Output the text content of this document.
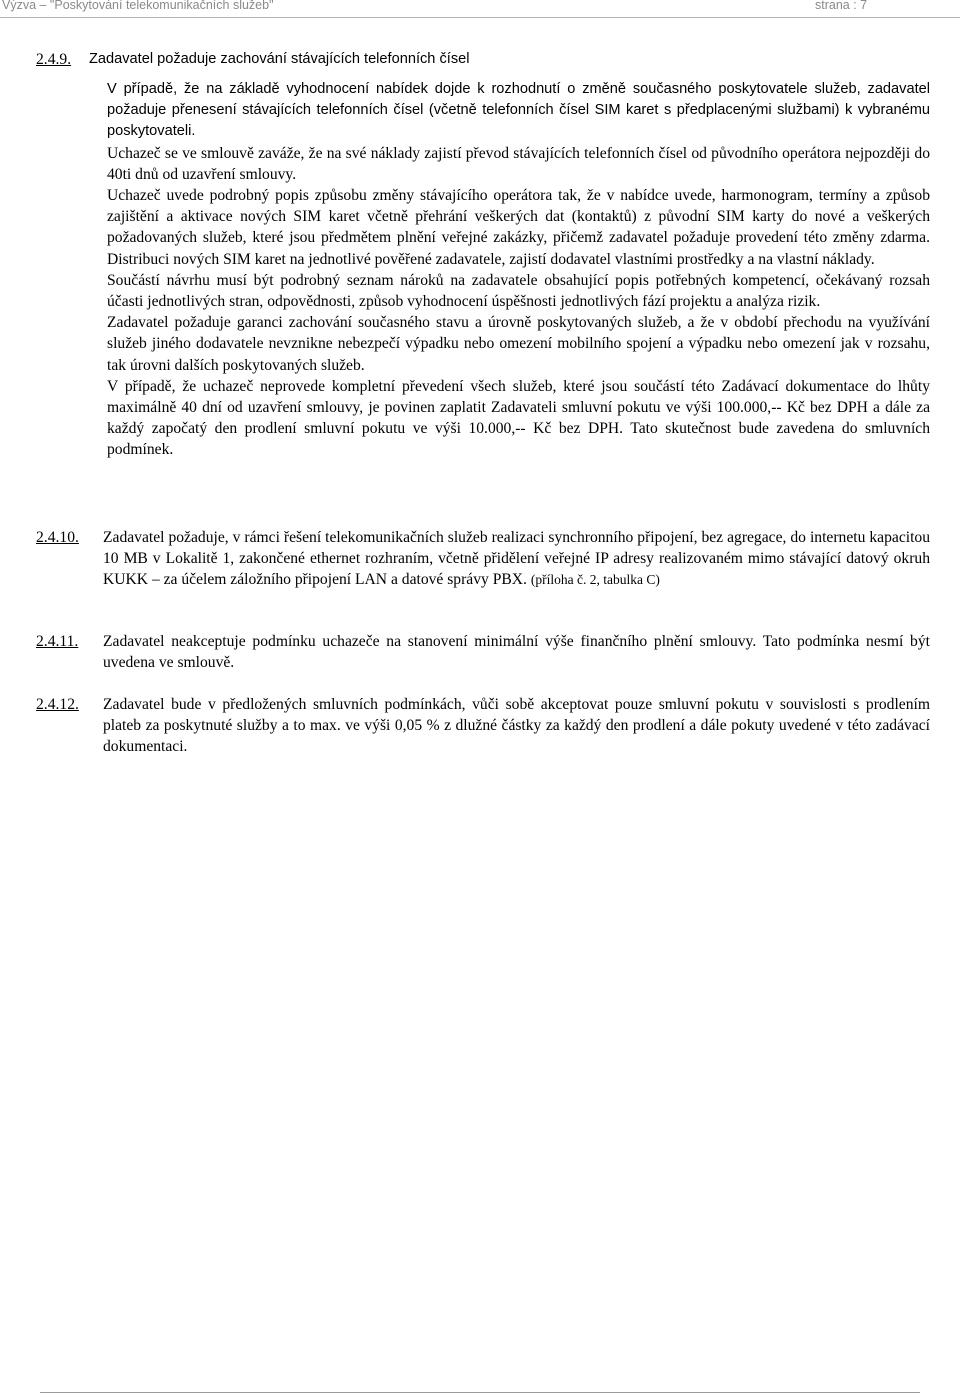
Výzva – "Poskytování telekomunikačních služeb"	strana : 7
2.4.9. Zadavatel požaduje zachování stávajících telefonních čísel

V případě, že na základě vyhodnocení nabídek dojde k rozhodnutí o změně současného poskytovatele služeb, zadavatel požaduje přenesení stávajících telefonních čísel (včetně telefonních čísel SIM karet s předplacenými službami) k vybranému poskytovateli.

Uchazeč se ve smlouvě zaváže, že na své náklady zajistí převod stávajících telefonních čísel od původního operátora nejpozději do 40ti dnů od uzavření smlouvy.

Uchazeč uvede podrobný popis způsobu změny stávajícího operátora tak, že v nabídce uvede, harmonogram, termíny a způsob zajištění a aktivace nových SIM karet včetně přehrání veškerých dat (kontaktů) z původní SIM karty do nové a veškerých požadovaných služeb, které jsou předmětem plnění veřejné zakázky, přičemž zadavatel požaduje provedení této změny zdarma. Distribuci nových SIM karet na jednotlivé pověřené zadavatele, zajistí dodavatel vlastními prostředky a na vlastní náklady.

Součástí návrhu musí být podrobný seznam nároků na zadavatele obsahující popis potřebných kompetencí, očekávaný rozsah účasti jednotlivých stran, odpovědnosti, způsob vyhodnocení úspěšnosti jednotlivých fází projektu a analýza rizik.

Zadavatel požaduje garanci zachování současného stavu a úrovně poskytovaných služeb, a že v období přechodu na využívání služeb jiného dodavatele nevznikne nebezpečí výpadku nebo omezení mobilního spojení a výpadku nebo omezení jak v rozsahu, tak úrovni dalších poskytovaných služeb.

V případě, že uchazeč neprovede kompletní převedení všech služeb, které jsou součástí této Zadávací dokumentace do lhůty maximálně 40 dní od uzavření smlouvy, je povinen zaplatit Zadavateli smluvní pokutu ve výši 100.000,-- Kč bez DPH a dále za každý započatý den prodlení smluvní pokutu ve výši 10.000,-- Kč bez DPH. Tato skutečnost bude zavedena do smluvních podmínek.

2.4.10. Zadavatel požaduje, v rámci řešení telekomunikačních služeb realizaci synchronního připojení, bez agregace, do internetu kapacitou 10 MB v Lokalitě 1, zakončené ethernet rozhraním, včetně přidělení veřejné IP adresy realizovaném mimo stávající datový okruh KUKK – za účelem záložního připojení LAN a datové správy PBX. (příloha č. 2, tabulka C)

2.4.11. Zadavatel neakceptuje podmínku uchazeče na stanovení minimální výše finančního plnění smlouvy. Tato podmínka nesmí být uvedena ve smlouvě.

2.4.12. Zadavatel bude v předložených smluvních podmínkách, vůči sobě akceptovat pouze smluvní pokutu v souvislosti s prodlením plateb za poskytnuté služby a to max. ve výši 0,05 % z dlužné částky za každý den prodlení a dále pokuty uvedené v této zadávací dokumentaci.
